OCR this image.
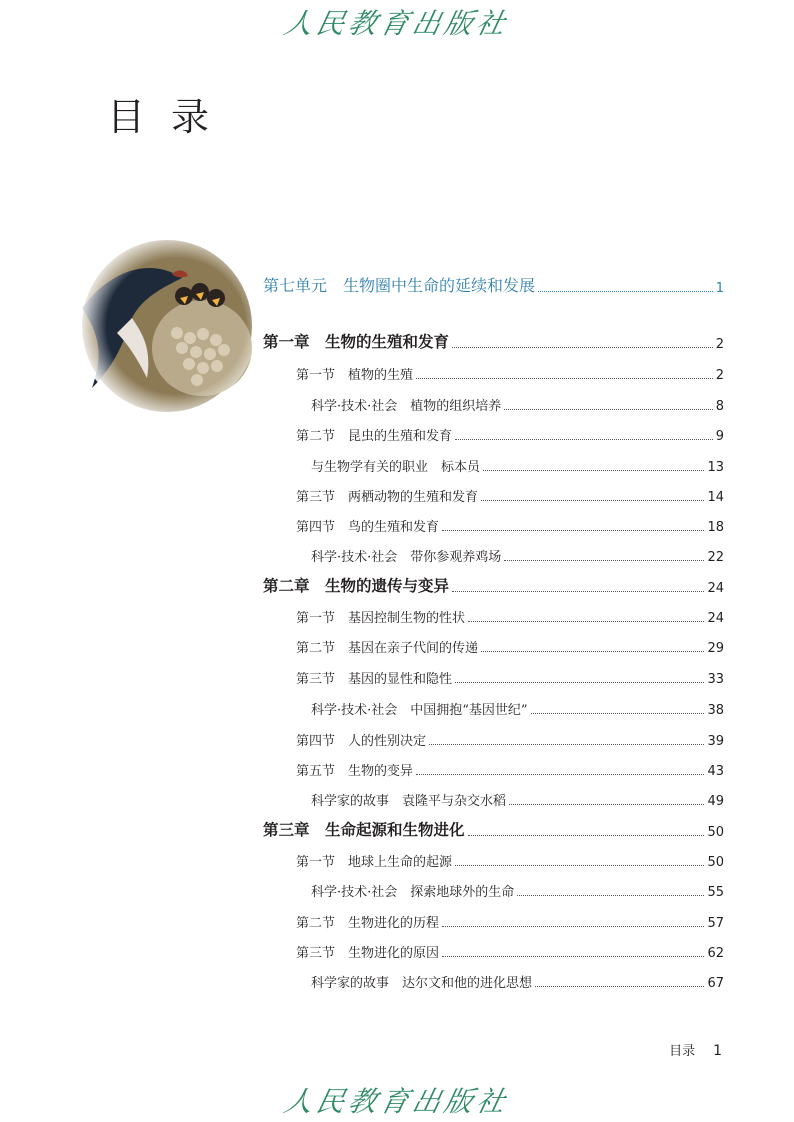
人民教育出版社
目录
第七单元　生物圈中生命的延续和发展	1
第一章　生物的生殖和发育	2
第一节　植物的生殖	2
科学·技术·社会　植物的组织培养	8
第二节　昆虫的生殖和发育	9
与生物学有关的职业　标本员	13
第三节　两栖动物的生殖和发育	14
第四节　鸟的生殖和发育	18
科学·技术·社会　带你参观养鸡场	22
第二章　生物的遗传与变异	24
第一节　基因控制生物的性状	24
第二节　基因在亲子代间的传递	29
第三节　基因的显性和隐性	33
科学·技术·社会　中国拥抱“基因世纪”	38
第四节　人的性别决定	39
第五节　生物的变异	43
科学家的故事　袁隆平与杂交水稻	49
第三章　生命起源和生物进化	50
第一节　地球上生命的起源	50
科学·技术·社会　探索地球外的生命	55
第二节　生物进化的历程	57
第三节　生物进化的原因	62
科学家的故事　达尔文和他的进化思想	67
目录 1
人民教育出版社
